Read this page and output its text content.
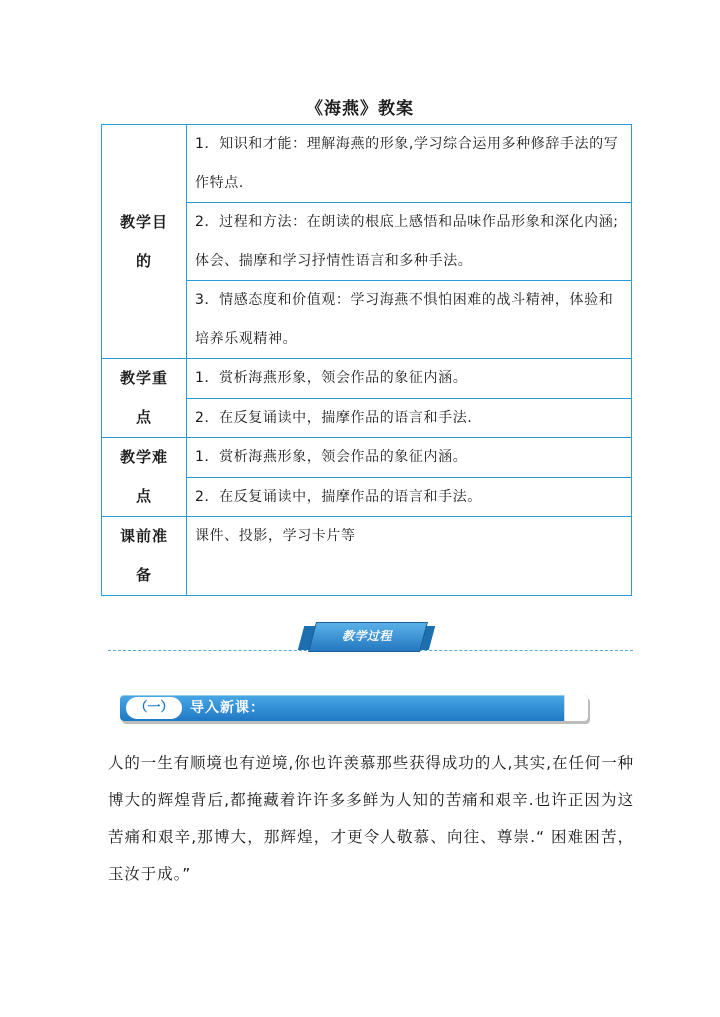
《海燕》教案
教学目的	1．知识和才能：理解海燕的形象,学习综合运用多种修辞手法的写作特点.
	2．过程和方法：在朗读的根底上感悟和品味作品形象和深化内涵;体会、揣摩和学习抒情性语言和多种手法。
	3．情感态度和价值观：学习海燕不惧怕困难的战斗精神，体验和培养乐观精神。
教学重点	1．赏析海燕形象，领会作品的象征内涵。
	2．在反复诵读中，揣摩作品的语言和手法.
教学难点	1．赏析海燕形象，领会作品的象征内涵。
	2．在反复诵读中，揣摩作品的语言和手法。
课前准备	课件、投影，学习卡片等
教学过程
（一）	导入新课：
人的一生有顺境也有逆境,你也许羡慕那些获得成功的人,其实,在任何一种博大的辉煌背后,都掩藏着许许多多鲜为人知的苦痛和艰辛.也许正因为这苦痛和艰辛,那博大，那辉煌，才更令人敬慕、向往、尊崇.“ 困难困苦，玉汝于成。”
